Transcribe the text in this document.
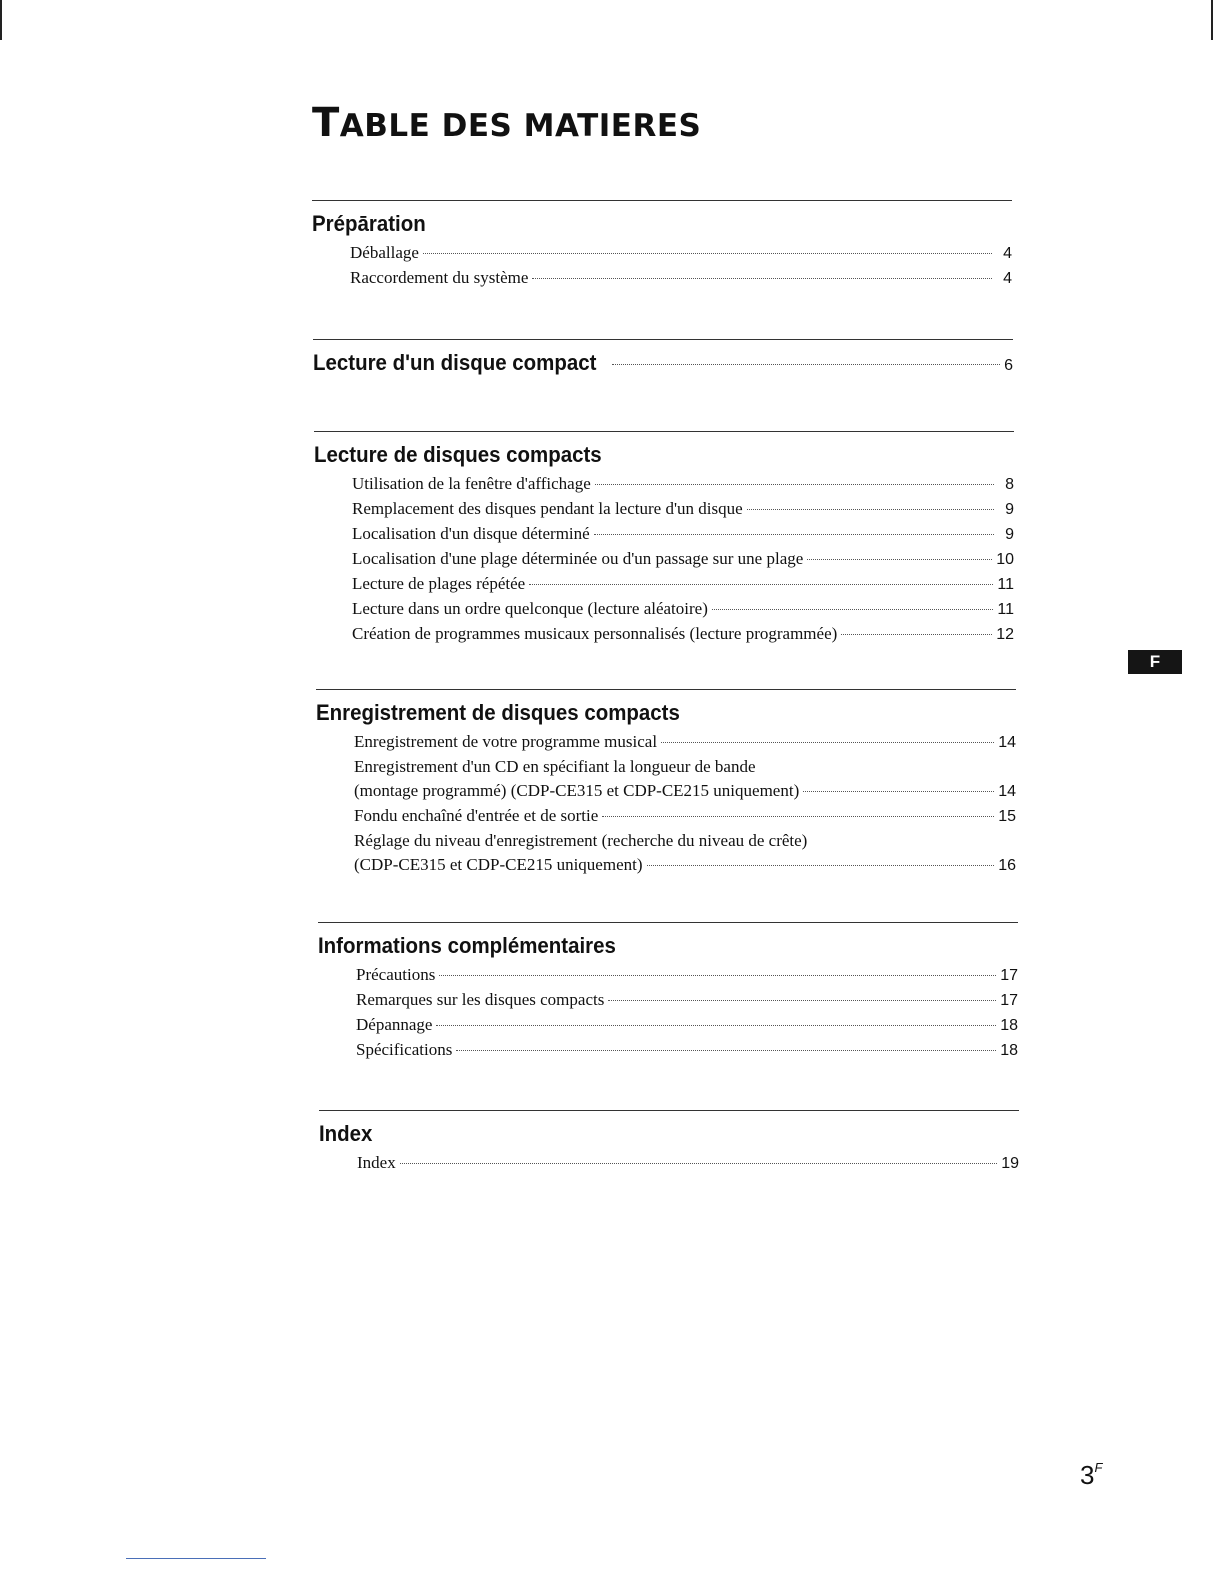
TABLE DES MATIERES
Prépāration
Déballage	4
Raccordement du système	4
Lecture d'un disque compact	6
Lecture de disques compacts
Utilisation de la fenêtre d'affichage	8
Remplacement des disques pendant la lecture d'un disque	9
Localisation d'un disque déterminé	9
Localisation d'une plage déterminée ou d'un passage sur une plage	10
Lecture de plages répétée	11
Lecture dans un ordre quelconque (lecture aléatoire)	11
Création de programmes musicaux personnalisés (lecture programmée)	12
Enregistrement de disques compacts
Enregistrement de votre programme musical	14
Enregistrement d'un CD en spécifiant la longueur de bande
(montage programmé) (CDP-CE315 et CDP-CE215 uniquement)	14
Fondu enchaîné d'entrée et de sortie	15
Réglage du niveau d'enregistrement (recherche du niveau de crête)
(CDP-CE315 et CDP-CE215 uniquement)	16
Informations complémentaires
Précautions	17
Remarques sur les disques compacts	17
Dépannage	18
Spécifications	18
Index
Index	19
F
$3^F$
